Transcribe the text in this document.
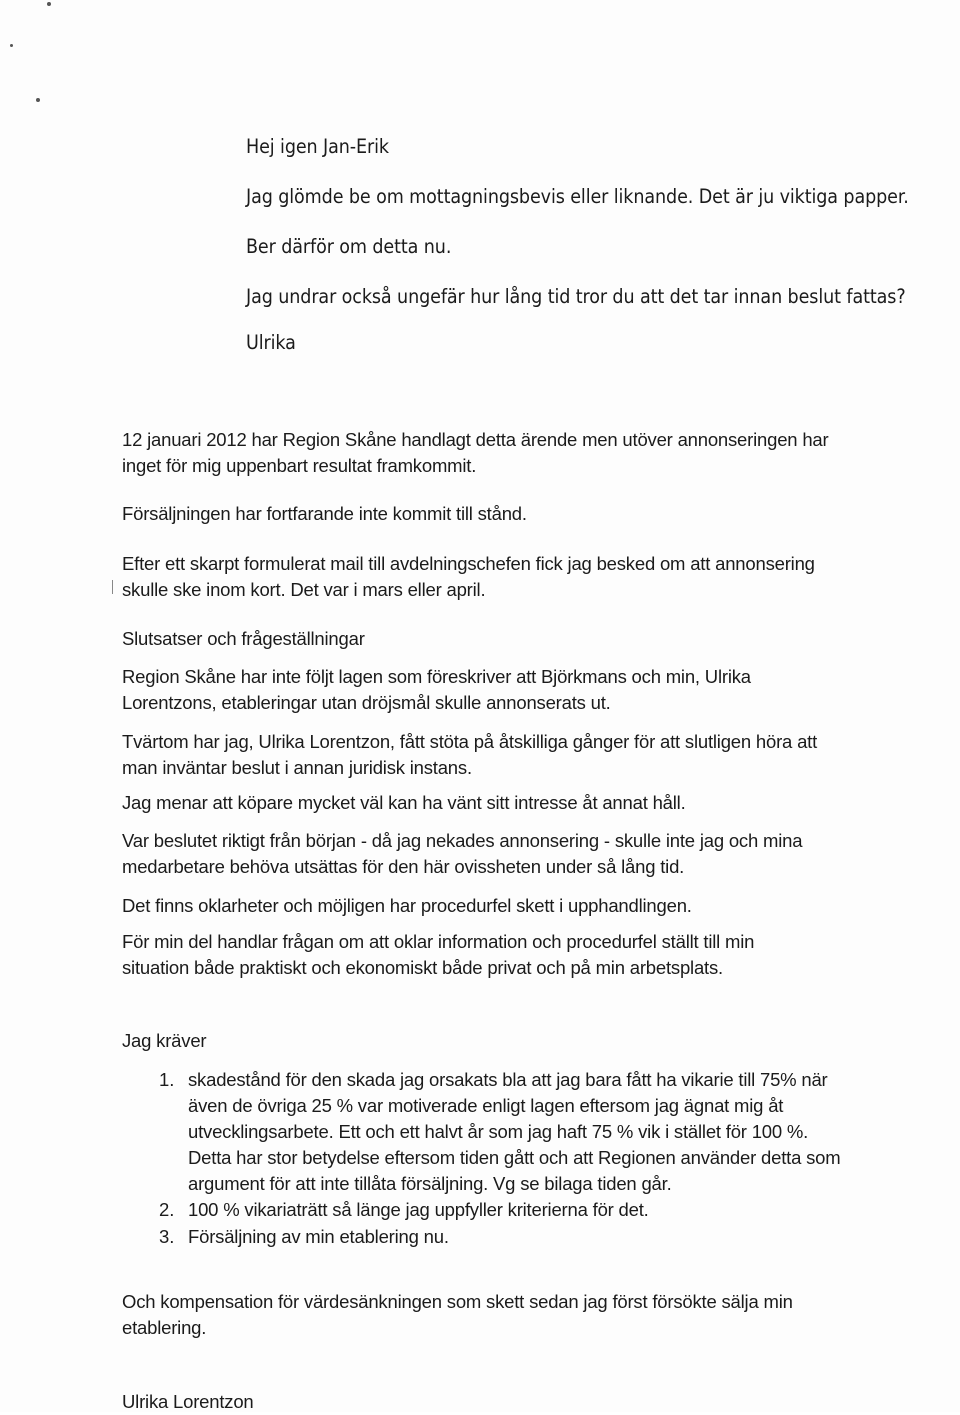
Hej igen Jan-Erik
Jag glömde be om mottagningsbevis eller liknande. Det är ju viktiga papper.
Ber därför om detta nu.
Jag undrar också ungefär hur lång tid tror du att det tar innan beslut fattas?
Ulrika
12 januari 2012 har Region Skåne handlagt detta ärende men utöver annonseringen har
inget för mig uppenbart resultat framkommit.
Försäljningen har fortfarande inte kommit till stånd.
Efter ett skarpt formulerat mail till avdelningschefen fick jag besked om att annonsering
skulle ske inom kort. Det var i mars eller april.
Slutsatser och frågeställningar
Region Skåne har inte följt lagen som föreskriver att Björkmans och min, Ulrika
Lorentzons, etableringar utan dröjsmål skulle annonserats ut.
Tvärtom har jag, Ulrika Lorentzon, fått stöta på åtskilliga gånger för att slutligen höra att
man inväntar beslut i annan juridisk instans.
Jag menar att köpare mycket väl kan ha vänt sitt intresse åt annat håll.
Var beslutet riktigt från början - då jag nekades annonsering - skulle inte jag och mina
medarbetare behöva utsättas för den här ovissheten under så lång tid.
Det finns oklarheter och möjligen har procedurfel skett i upphandlingen.
För min del handlar frågan om att oklar information och procedurfel ställt till min
situation både praktiskt och ekonomiskt både privat och på min arbetsplats.
Jag kräver
1. skadestånd för den skada jag orsakats bla att jag bara fått ha vikarie till 75% när
även de övriga 25 % var motiverade enligt lagen eftersom jag ägnat mig åt
utvecklingsarbete. Ett och ett halvt år som jag haft 75 % vik i stället för 100 %.
Detta har stor betydelse eftersom tiden gått och att Regionen använder detta som
argument för att inte tillåta försäljning. Vg se bilaga tiden går.
2. 100 % vikariaträtt så länge jag uppfyller kriterierna för det.
3. Försäljning av min etablering nu.
Och kompensation för värdesänkningen som skett sedan jag först försökte sälja min
etablering.
Ulrika Lorentzon
